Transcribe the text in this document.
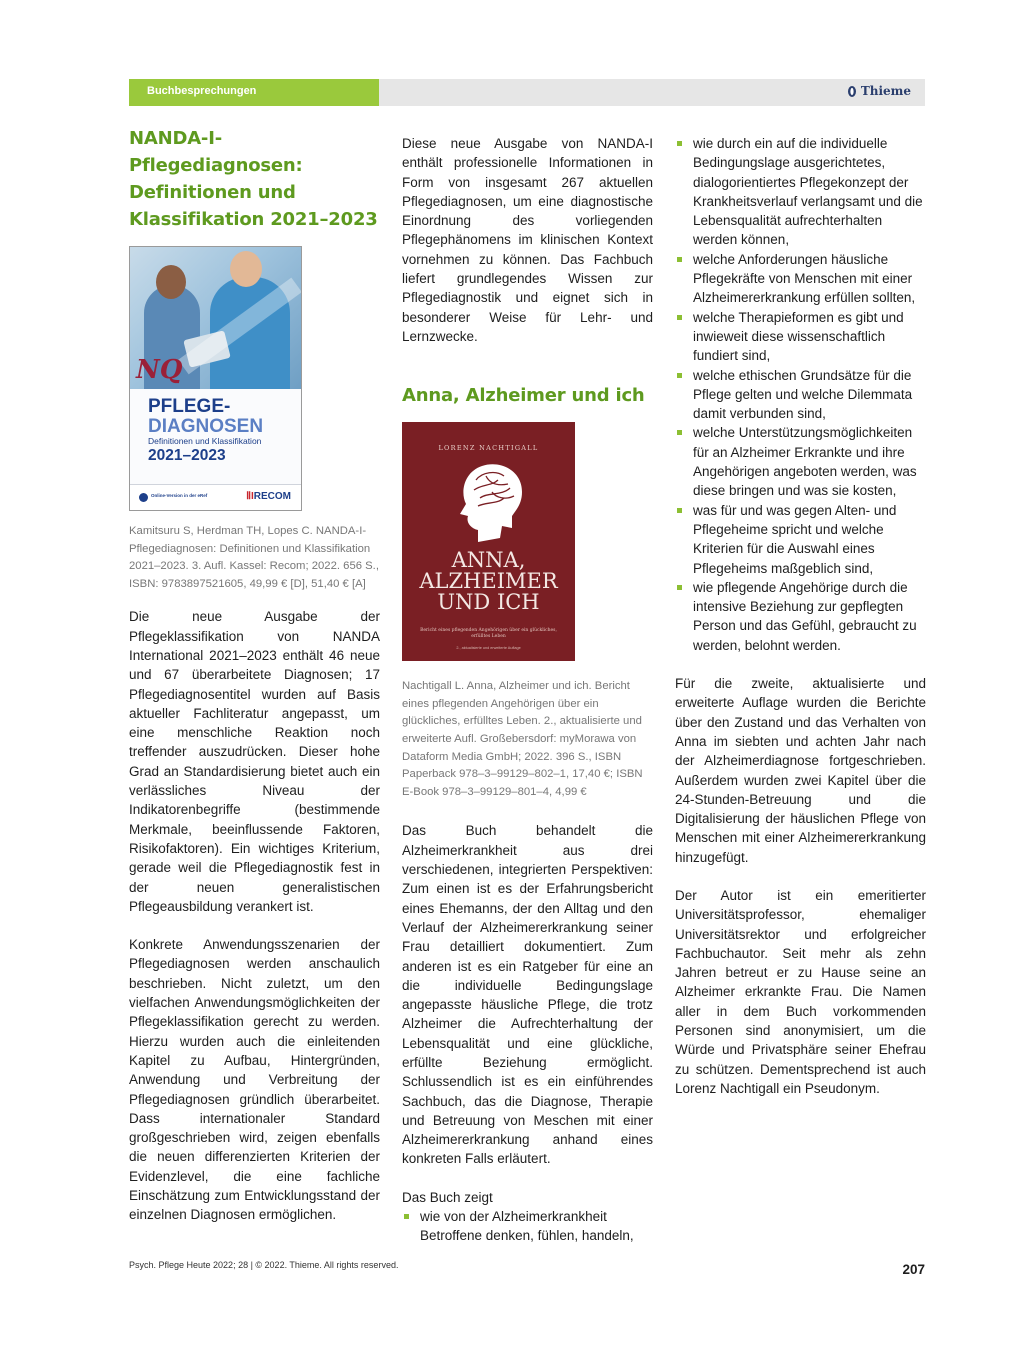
Buchbesprechungen	Thieme
NANDA-I-Pflegediagnosen:
Definitionen und
Klassifikation 2021–2023
NQ
PFLEGE-
DIAGNOSEN
Definitionen und Klassifikation
2021–2023
Online-Version in der eRef	ⅡIRECOM

Kamitsuru S, Herdman TH, Lopes C. NANDA-I-Pflegediagnosen: Definitionen und Klassifikation 2021–2023. 3. Aufl. Kassel: Recom; 2022. 656 S., ISBN: 9783897521605, 49,99 € [D], 51,40 € [A]

Die neue Ausgabe der Pflegeklassifikation von NANDA International 2021–2023 enthält 46 neue und 67 überarbeitete Diagnosen; 17 Pflegediagnosentitel wurden auf Basis aktueller Fachliteratur angepasst, um eine menschliche Reaktion noch treffender auszudrücken. Dieser hohe Grad an Standardisierung bietet auch ein verlässliches Niveau der Indikatorenbegriffe (bestimmende Merkmale, beeinflussende Faktoren, Risikofaktoren). Ein wichtiges Kriterium, gerade weil die Pflegediagnostik fest in der neuen generalistischen Pflegeausbildung verankert ist.

Konkrete Anwendungsszenarien der Pflegediagnosen werden anschaulich beschrieben. Nicht zuletzt, um den vielfachen Anwendungsmöglichkeiten der Pflegeklassifikation gerecht zu werden. Hierzu wurden auch die einleitenden Kapitel zu Aufbau, Hintergründen, Anwendung und Verbreitung der Pflegediagnosen gründlich überarbeitet. Dass internationaler Standard großgeschrieben wird, zeigen ebenfalls die neuen differenzierten Kriterien der Evidenzlevel, die eine fachliche Einschätzung zum Entwicklungsstand der einzelnen Diagnosen ermöglichen.

Diese neue Ausgabe von NANDA-I enthält professionelle Informationen in Form von insgesamt 267 aktuellen Pflegediagnosen, um eine diagnostische Einordnung des vorliegenden Pflegephänomens im klinischen Kontext vornehmen zu können. Das Fachbuch liefert grundlegendes Wissen zur Pflegediagnostik und eignet sich in besonderer Weise für Lehr- und Lernzwecke.

Anna, Alzheimer und ich
LORENZ NACHTIGALL
ANNA,
ALZHEIMER
UND ICH
Bericht eines pflegenden Angehörigen über ein glückliches, erfülltes Leben
2., aktualisierte und erweiterte Auflage

Nachtigall L. Anna, Alzheimer und ich. Bericht eines pflegenden Angehörigen über ein glückliches, erfülltes Leben. 2., aktualisierte und erweiterte Aufl. Großebersdorf: myMorawa von Dataform Media GmbH; 2022. 396 S., ISBN Paperback 978–3–99129–802–1, 17,40 €; ISBN E-Book 978–3–99129–801–4, 4,99 €

Das Buch behandelt die Alzheimerkrankheit aus drei verschiedenen, integrierten Perspektiven: Zum einen ist es der Erfahrungsbericht eines Ehemanns, der den Alltag und den Verlauf der Alzheimererkrankung seiner Frau detailliert dokumentiert. Zum anderen ist es ein Ratgeber für eine an die individuelle Bedingungslage angepasste häusliche Pflege, die trotz Alzheimer die Aufrechterhaltung der Lebensqualität und eine glückliche, erfüllte Beziehung ermöglicht. Schlussendlich ist es ein einführendes Sachbuch, das die Diagnose, Therapie und Betreuung von Meschen mit einer Alzheimererkrankung anhand eines konkreten Falls erläutert.

Das Buch zeigt

wie von der Alzheimerkrankheit Betroffene denken, fühlen, handeln,
wie durch ein auf die individuelle Bedingungslage ausgerichtetes, dialogorientiertes Pflegekonzept der Krankheitsverlauf verlangsamt und die Lebensqualität aufrechterhalten werden können,
welche Anforderungen häusliche Pflegekräfte von Menschen mit einer Alzheimererkrankung erfüllen sollten,
welche Therapieformen es gibt und inwieweit diese wissenschaftlich fundiert sind,
welche ethischen Grundsätze für die Pflege gelten und welche Dilemmata damit verbunden sind,
welche Unterstützungsmöglichkeiten für an Alzheimer Erkrankte und ihre Angehörigen angeboten werden, was diese bringen und was sie kosten,
was für und was gegen Alten- und Pflegeheime spricht und welche Kriterien für die Auswahl eines Pflegeheims maßgeblich sind,
wie pflegende Angehörige durch die intensive Beziehung zur gepflegten Person und das Gefühl, gebraucht zu werden, belohnt werden.

Für die zweite, aktualisierte und erweiterte Auflage wurden die Berichte über den Zustand und das Verhalten von Anna im siebten und achten Jahr nach der Alzheimerdiagnose fortgeschrieben. Außerdem wurden zwei Kapitel über die 24-Stunden-Betreuung und die Digitalisierung der häuslichen Pflege von Menschen mit einer Alzheimererkrankung hinzugefügt.

Der Autor ist ein emeritierter Universitätsprofessor, ehemaliger Universitätsrektor und erfolgreicher Fachbuchautor. Seit mehr als zehn Jahren betreut er zu Hause seine an Alzheimer erkrankte Frau. Die Namen aller in dem Buch vorkommenden Personen sind anonymisiert, um die Würde und Privatsphäre seiner Ehefrau zu schützen. Dementsprechend ist auch Lorenz Nachtigall ein Pseudonym.

Psych. Pflege Heute 2022; 28 | © 2022. Thieme. All rights reserved.	207
